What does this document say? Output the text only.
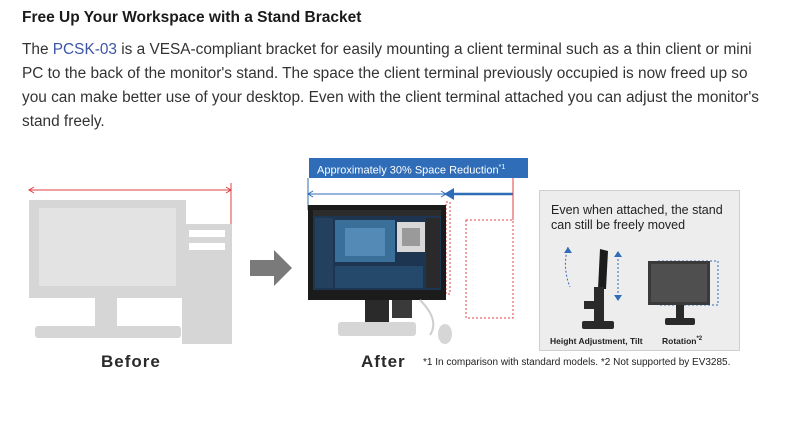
Free Up Your Workspace with a Stand Bracket

The PCSK-03 is a VESA-compliant bracket for easily mounting a client terminal such as a thin client or mini PC to the back of the monitor's stand. The space the client terminal previously occupied is now freed up so you can make better use of your desktop. Even with the client terminal attached you can adjust the monitor's stand freely.

Approximately 30% Space Reduction$^{*1}$
Before	After *1 In comparison with standard models. *2 Not supported by EV3285.

Even when attached, the stand can still be freely moved

Height Adjustment, Tilt Rotation$^{*2}$
